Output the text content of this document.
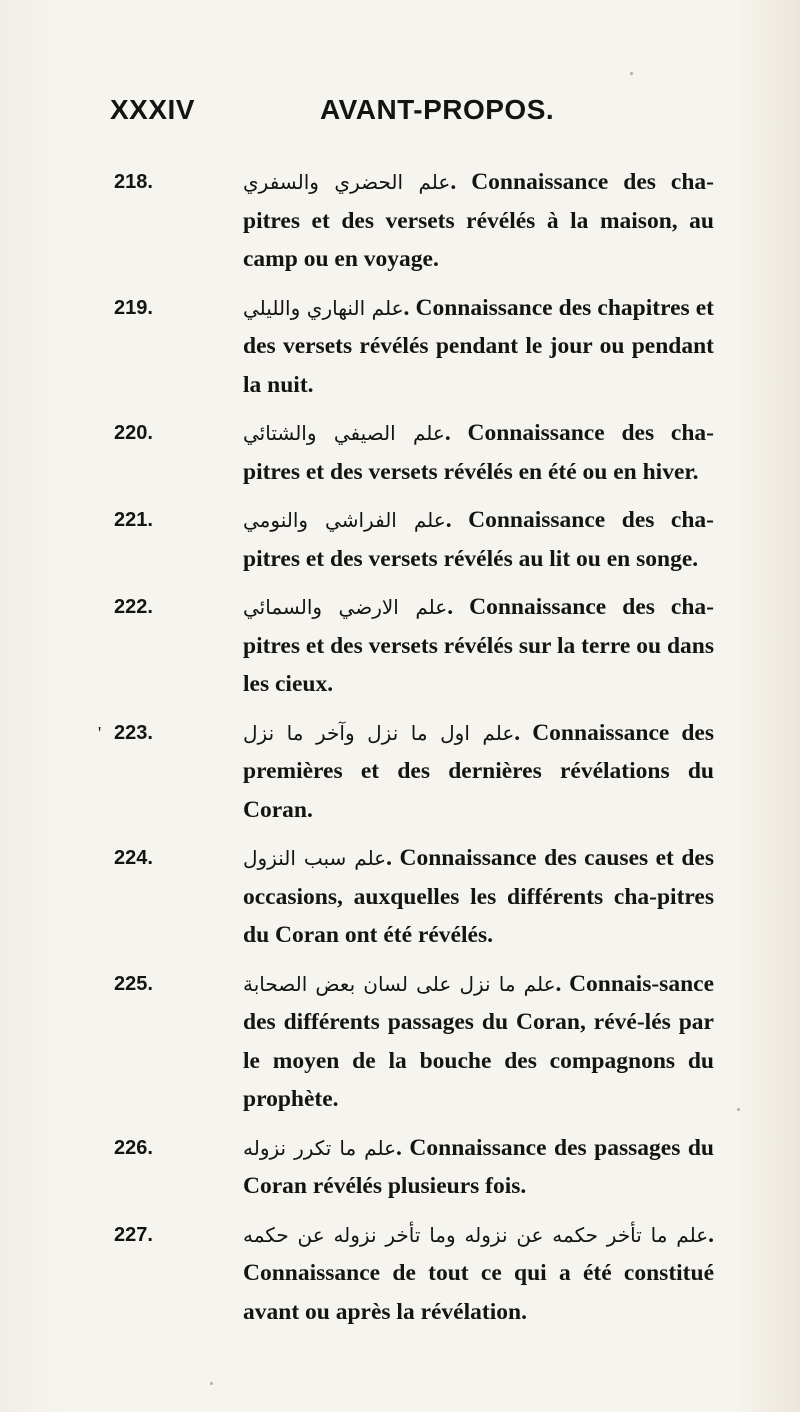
XXXIV	AVANT-PROPOS.
218.	علم الحضري والسفري. Connaissance des cha-pitres et des versets révélés à la maison, au camp ou en voyage.
219.	علم النهاري والليلي. Connaissance des chapitres et des versets révélés pendant le jour ou pendant la nuit.
220.	علم الصيفي والشتائي. Connaissance des cha-pitres et des versets révélés en été ou en hiver.
221.	علم الفراشي والنومي. Connaissance des cha-pitres et des versets révélés au lit ou en songe.
222.	علم الارضي والسمائي. Connaissance des cha-pitres et des versets révélés sur la terre ou dans les cieux.
' 223.	علم اول ما نزل وآخر ما نزل. Connaissance des premières et des dernières révélations du Coran.
224.	علم سبب النزول. Connaissance des causes et des occasions, auxquelles les différents cha-pitres du Coran ont été révélés.
225.	علم ما نزل على لسان بعض الصحابة. Connais-sance des différents passages du Coran, révé-lés par le moyen de la bouche des compagnons du prophète.
226.	علم ما تكرر نزوله. Connaissance des passages du Coran révélés plusieurs fois.
227.	علم ما تأخر حكمه عن نزوله وما تأخر نزوله عن حكمه. Connaissance de tout ce qui a été constitué avant ou après la révélation.
